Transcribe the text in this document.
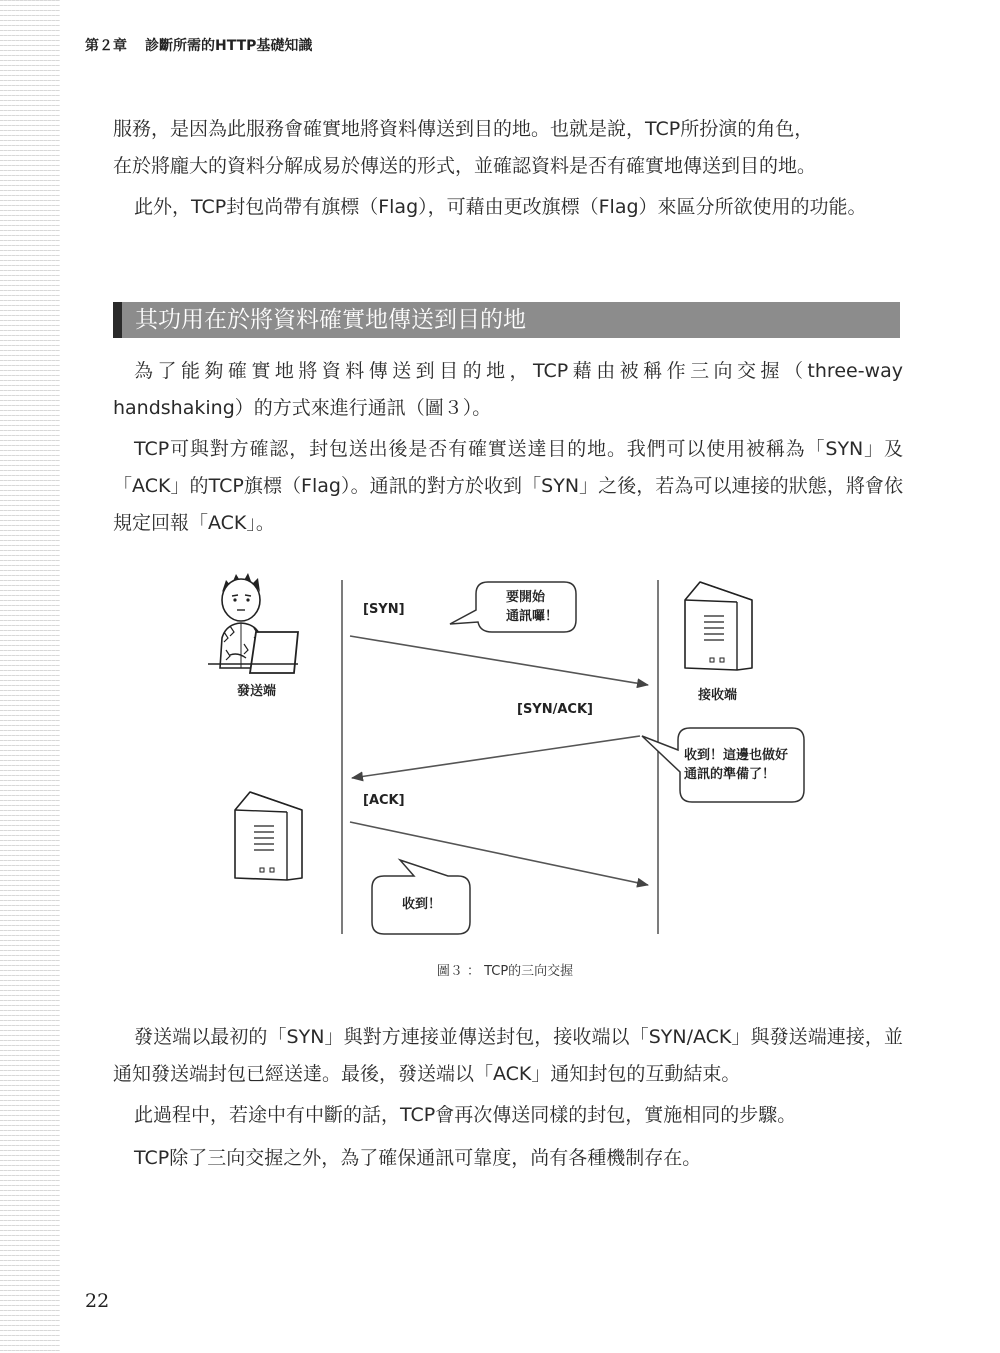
第２章 診斷所需的HTTP基礎知識

服務，是因為此服務會確實地將資料傳送到目的地。也就是說，TCP所扮演的角色，
在於將龐大的資料分解成易於傳送的形式，並確認資料是否有確實地傳送到目的地。

此外，TCP封包尚帶有旗標（Flag），可藉由更改旗標（Flag）來區分所欲使用的功能。

其功用在於將資料確實地傳送到目的地

為了能夠確實地將資料傳送到目的地，TCP藉由被稱作三向交握（three-way handshaking）的方式來進行通訊（圖３）。

TCP可與對方確認，封包送出後是否有確實送達目的地。我們可以使用被稱為「SYN」及「ACK」的TCP旗標（Flag）。通訊的對方於收到「SYN」之後，若為可以連接的狀態，將會依規定回報「ACK」。

發送端	接收端
[SYN]
[SYN/ACK]
[ACK]
要開始
通訊囉！
收到！這邊也做好
通訊的準備了！
收到！
圖３ ： TCP的三向交握

發送端以最初的「SYN」與對方連接並傳送封包，接收端以「SYN/ACK」與發送端連接，並通知發送端封包已經送達。最後，發送端以「ACK」通知封包的互動結束。

此過程中，若途中有中斷的話，TCP會再次傳送同樣的封包，實施相同的步驟。

TCP除了三向交握之外，為了確保通訊可靠度，尚有各種機制存在。

22
